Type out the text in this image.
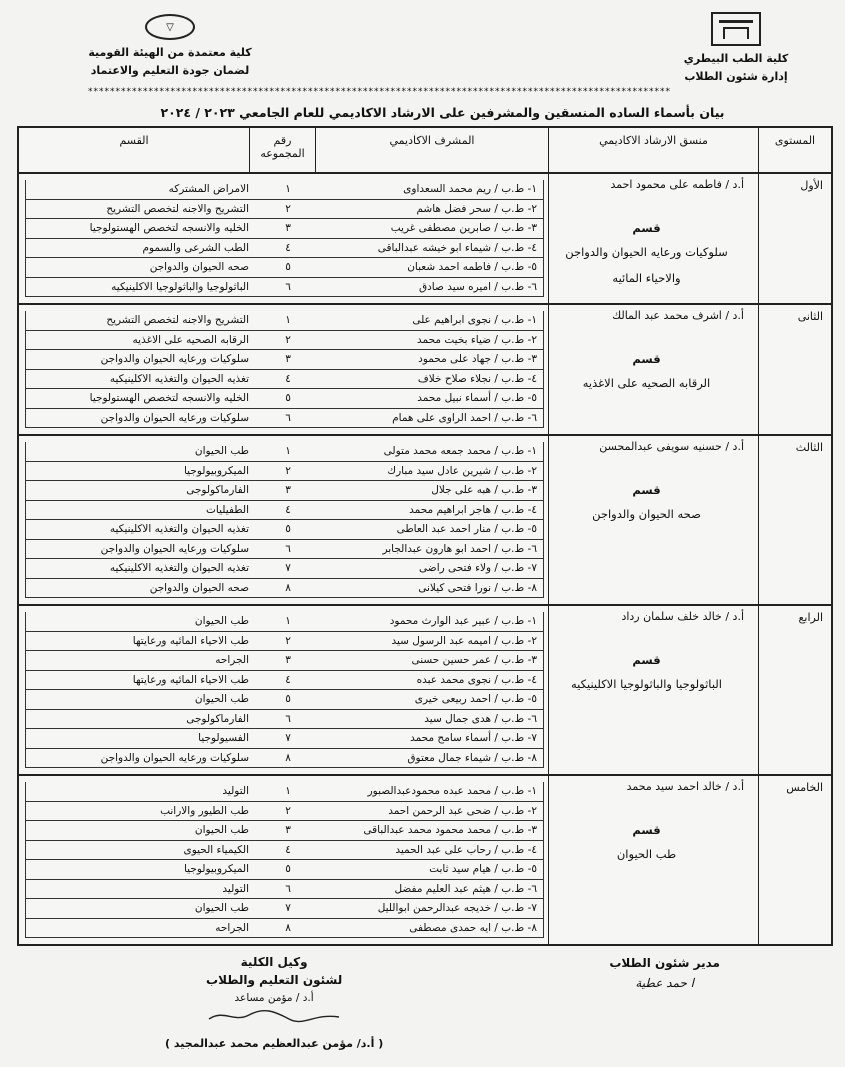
كلية الطب البيطري
إدارة شئون الطلاب
▽
كلية معتمدة من الهيئة القومية
لضمان جودة التعليم والاعتماد
**********************************************************************************************************
بيان بأسماء الساده المنسقين والمشرفين على الارشاد الاكاديمي للعام الجامعي ٢٠٢٣ / ٢٠٢٤
المستوى
منسق الارشاد الاكاديمي
المشرف الاكاديمي
رقم المجموعه
القسم
الأول
أ.د / فاطمه على محمود احمد
قسم
سلوكيات ورعايه الحيوان والدواجن والاحياء المائيه
١- ط.ب / ريم محمد السعداوى
١
الامراض المشتركه
٢- ط.ب / سحر فضل هاشم
٢
التشريح والاجنه لتخصص التشريح
٣- ط.ب / صابرين مصطفى غريب
٣
الخليه والانسجه لتخصص الهستولوجيا
٤- ط.ب / شيماء ابو خيشه عبدالباقى
٤
الطب الشرعى والسموم
٥- ط.ب / فاطمه احمد شعبان
٥
صحه الحيوان والدواجن
٦- ط.ب / اميره سيد صادق
٦
الباثولوجيا والباثولوجيا الاكلينيكيه
الثانى
أ.د / اشرف محمد عبد المالك
قسم
الرقابه الصحيه على الاغذيه
١- ط.ب / نجوى ابراهيم على
١
التشريح والاجنه لتخصص التشريح
٢- ط.ب / ضياء بخيت محمد
٢
الرقابه الصحيه على الاغذيه
٣- ط.ب / جهاد على محمود
٣
سلوكيات ورعايه الحيوان والدواجن
٤- ط.ب / نجلاء صلاح خلاف
٤
تغذيه الحيوان والتغذيه الاكلينيكيه
٥- ط.ب / أسماء نبيل محمد
٥
الخليه والانسجه لتخصص الهستولوجيا
٦- ط.ب / احمد الراوى على همام
٦
سلوكيات ورعايه الحيوان والدواجن
الثالث
أ.د / حسنيه سويفى عبدالمحسن
قسم
صحه الحيوان والدواجن
١- ط.ب / محمد جمعه محمد متولى
١
طب الحيوان
٢- ط.ب / شيرين عادل سيد مبارك
٢
الميكروبيولوجيا
٣- ط.ب / هبه على جلال
٣
الفارماكولوجى
٤- ط.ب / هاجر ابراهيم محمد
٤
الطفيليات
٥- ط.ب / منار احمد عبد العاطى
٥
تغذيه الحيوان والتغذيه الاكلينيكيه
٦- ط.ب / احمد ابو هارون عبدالجابر
٦
سلوكيات ورعايه الحيوان والدواجن
٧- ط.ب / ولاء فتحى راضى
٧
تغذيه الحيوان والتغذيه الاكلينيكيه
٨- ط.ب / نورا فتحى كيلانى
٨
صحه الحيوان والدواجن
الرابع
أ.د / خالد خلف سلمان رداد
قسم
الباثولوجيا والباثولوجيا الاكلينيكيه
١- ط.ب / عبير عبد الوارث محمود
١
طب الحيوان
٢- ط.ب / اميمه عبد الرسول سيد
٢
طب الاحياء المائيه ورعايتها
٣- ط.ب / عمر حسين حسنى
٣
الجراحه
٤- ط.ب / نجوى محمد عبده
٤
طب الاحياء المائيه ورعايتها
٥- ط.ب / احمد ربيعى خيرى
٥
طب الحيوان
٦- ط.ب / هدى جمال سيد
٦
الفارماكولوجى
٧- ط.ب / أسماء سامح محمد
٧
الفسيولوجيا
٨- ط.ب / شيماء جمال معتوق
٨
سلوكيات ورعايه الحيوان والدواجن
الخامس
أ.د / خالد احمد سيد محمد
قسم
طب الحيوان
١- ط.ب / محمد عبده محمودعبدالصبور
١
التوليد
٢- ط.ب / ضحى عبد الرحمن احمد
٢
طب الطيور والارانب
٣- ط.ب / محمد محمود محمد عبدالباقى
٣
طب الحيوان
٤- ط.ب / رحاب على عبد الحميد
٤
الكيمياء الحيوى
٥- ط.ب / هيام سيد ثابت
٥
الميكروبيولوجيا
٦- ط.ب / هيثم عبد العليم مفضل
٦
التوليد
٧- ط.ب / خديجه عبدالرحمن ابوالليل
٧
طب الحيوان
٨- ط.ب / ايه حمدى مصطفى
٨
الجراحه
مدير شئون الطلاب
ا حمد عطية
وكيل الكلية
لشئون التعليم والطلاب
أ.د / مؤمن مساعد
( أ.د/ مؤمن عبدالعظيم محمد عبدالمجيد )
